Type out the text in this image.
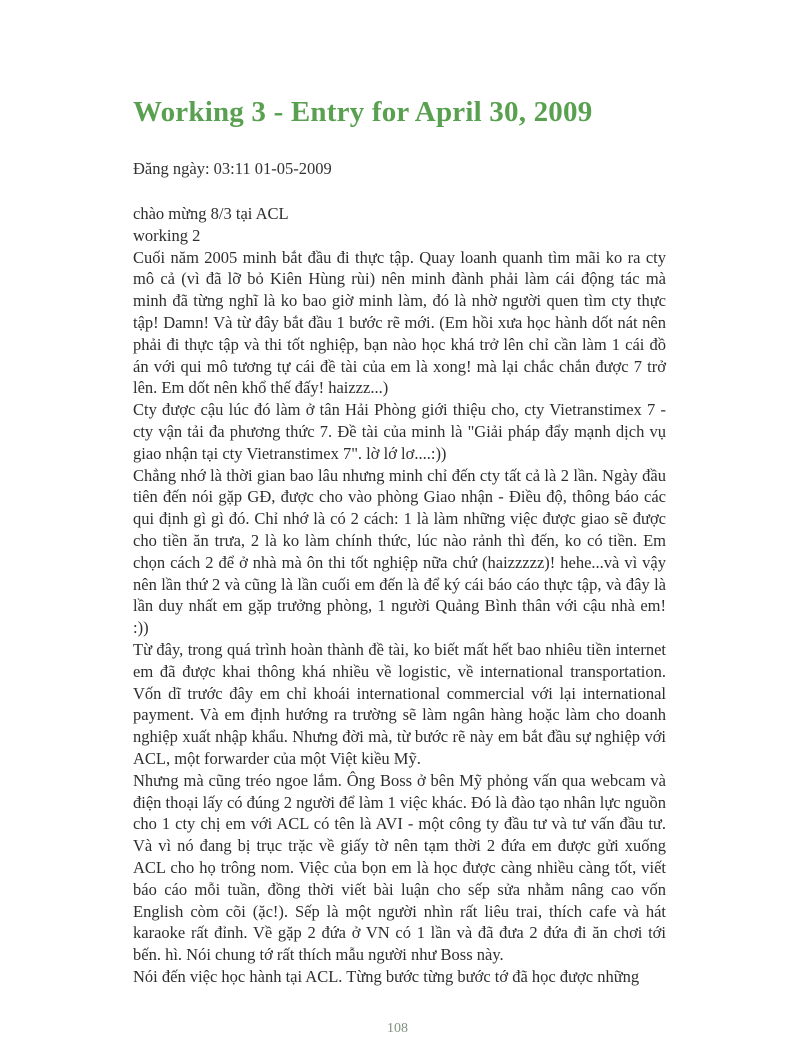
Working 3 - Entry for April 30, 2009

Đăng ngày: 03:11 01-05-2009

chào mừng 8/3 tại ACL

working 2

Cuối năm 2005 minh bắt đầu đi thực tập. Quay loanh quanh tìm mãi ko ra cty mô cả (vì đã lỡ bỏ Kiên Hùng rùi) nên minh đành phải làm cái động tác mà minh đã từng nghĩ là ko bao giờ minh làm, đó là nhờ người quen tìm cty thực tập! Damn! Và từ đây bắt đầu 1 bước rẽ mới. (Em hồi xưa học hành dốt nát nên phải đi thực tập và thi tốt nghiệp, bạn nào học khá trở lên chỉ cần làm 1 cái đồ án với qui mô tương tự cái đề tài của em là xong! mà lại chắc chắn được 7 trở lên. Em dốt nên khổ thế đấy! haizzz...)

Cty được cậu lúc đó làm ở tân Hải Phòng giới thiệu cho, cty Vietranstimex 7 - cty vận tải đa phương thức 7. Đề tài của minh là "Giải pháp đẩy mạnh dịch vụ giao nhận tại cty Vietranstimex 7". lờ lớ lơ....:))

Chẳng nhớ là thời gian bao lâu nhưng minh chỉ đến cty tất cả là 2 lần. Ngày đầu tiên đến nói gặp GĐ, được cho vào phòng Giao nhận - Điều độ, thông báo các qui định gì gì đó. Chỉ nhớ là có 2 cách: 1 là làm những việc được giao sẽ được cho tiền ăn trưa, 2 là ko làm chính thức, lúc nào rảnh thì đến, ko có tiền. Em chọn cách 2 để ở nhà mà ôn thi tốt nghiệp nữa chứ (haizzzzz)! hehe...và vì vậy nên lần thứ 2 và cũng là lần cuối em đến là để ký cái báo cáo thực tập, và đây là lần duy nhất em gặp trưởng phòng, 1 người Quảng Bình thân với cậu nhà em! :))

Từ đây, trong quá trình hoàn thành đề tài, ko biết mất hết bao nhiêu tiền internet em đã được khai thông khá nhiều về logistic, về international transportation. Vốn dĩ trước đây em chỉ khoái international commercial với lại international payment. Và em định hướng ra trường sẽ làm ngân hàng hoặc làm cho doanh nghiệp xuất nhập khẩu. Nhưng đời mà, từ bước rẽ này em bắt đầu sự nghiệp với ACL, một forwarder của một Việt kiều Mỹ.

Nhưng mà cũng tréo ngoe lắm. Ông Boss ở bên Mỹ phỏng vấn qua webcam và điện thoại lấy có đúng 2 người để làm 1 việc khác. Đó là đào tạo nhân lực nguồn cho 1 cty chị em với ACL có tên là AVI - một công ty đầu tư và tư vấn đầu tư. Và vì nó đang bị trục trặc về giấy tờ nên tạm thời 2 đứa em được gửi xuống ACL cho họ trông nom. Việc của bọn em là học được càng nhiều càng tốt, viết báo cáo mỗi tuần, đồng thời viết bài luận cho sếp sửa nhằm nâng cao vốn English còm cõi (ặc!). Sếp là một người nhìn rất liêu trai, thích cafe và hát karaoke rất đỉnh. Về gặp 2 đứa ở VN có 1 lần và đã đưa 2 đứa đi ăn chơi tới bến. hì. Nói chung tớ rất thích mẫu người như Boss này.

Nói đến việc học hành tại ACL. Từng bước từng bước tớ đã học được những

108
